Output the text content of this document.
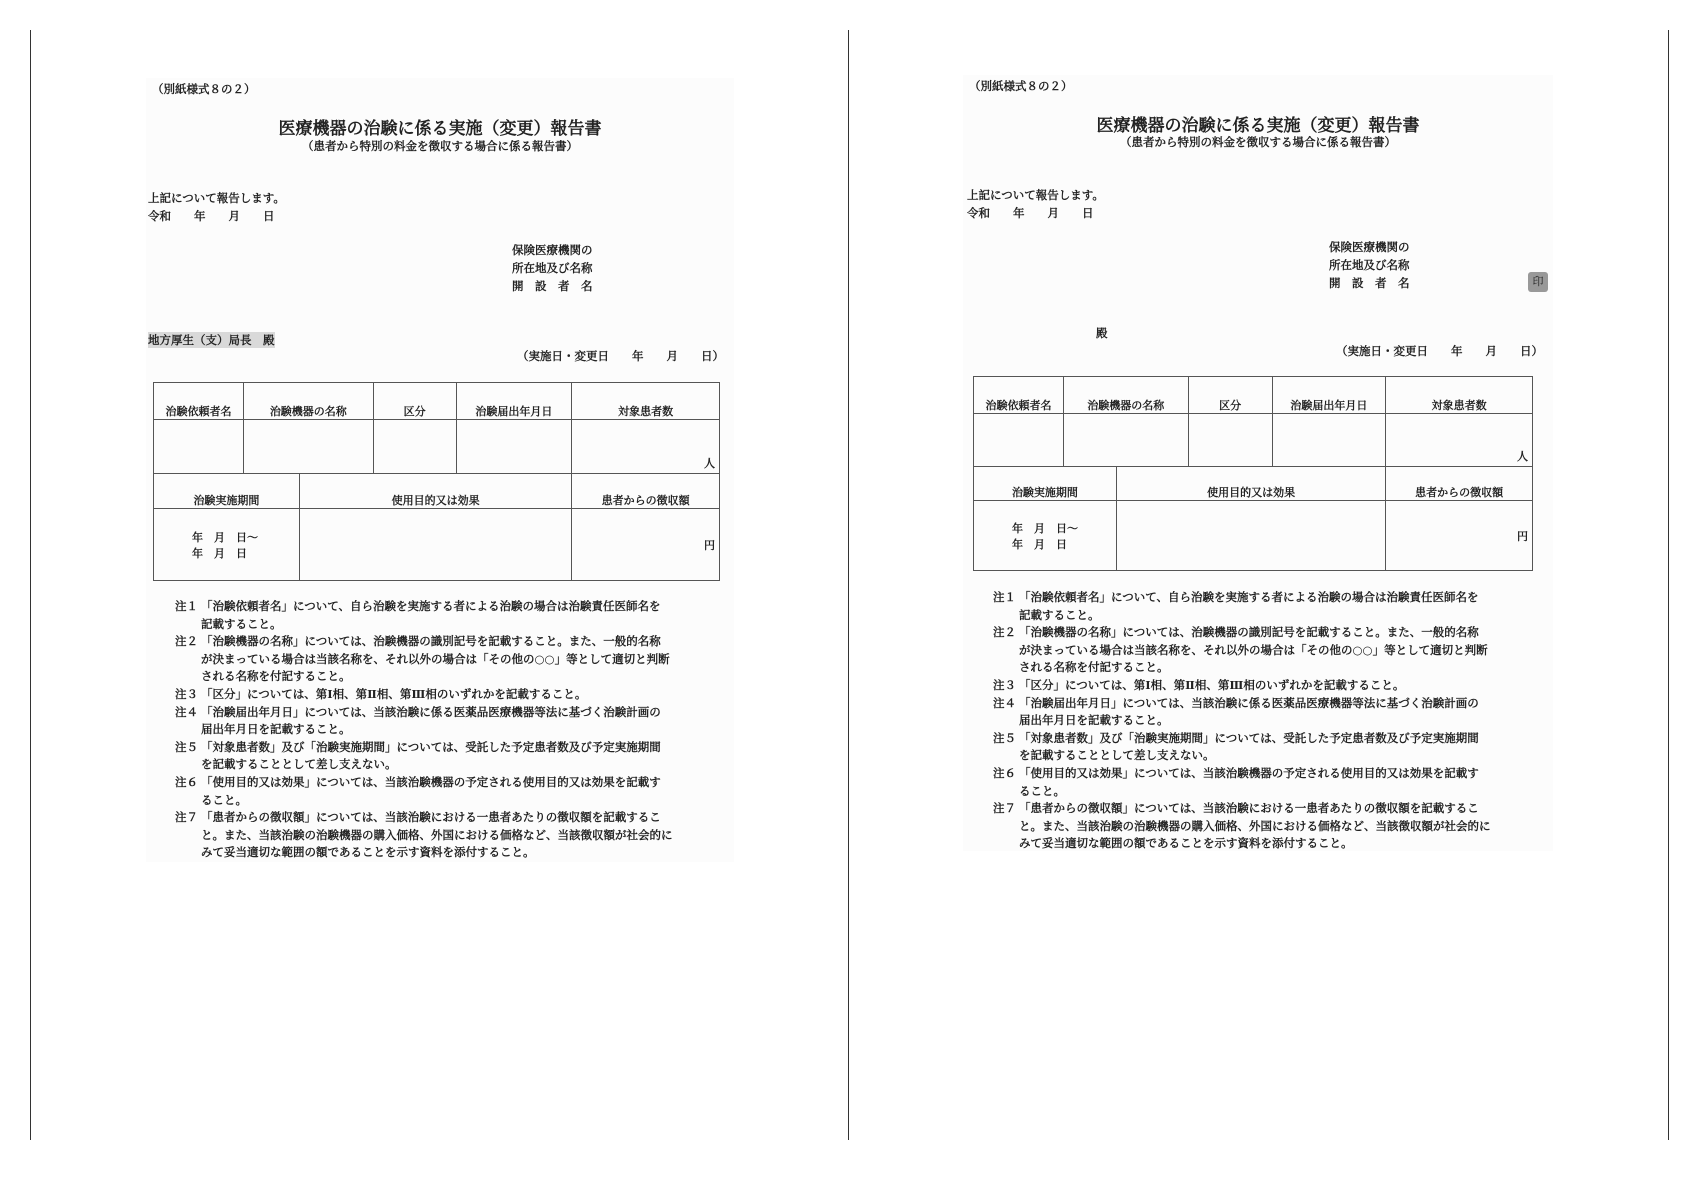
（別紙様式８の２）
医療機器の治験に係る実施（変更）報告書
（患者から特別の料金を徴収する場合に係る報告書）
上記について報告します。
令和　　年　　月　　日
保険医療機関の
所在地及び名称
開　設　者　名
地方厚生（支）局長　殿
（実施日・変更日　　年　　月　　日）
治験依頼者名	治験機器の名称		区分	治験届出年月日	対象患者数
					人
治験実施期間		使用目的又は効果			患者からの徴収額

年　月　日～
年　月　日					円
注１ 「治験依頼者名」について、自ら治験を実施する者による治験の場合は治験責任医師名を
記載すること。
注２ 「治験機器の名称」については、治験機器の識別記号を記載すること。また、一般的名称
が決まっている場合は当該名称を、それ以外の場合は「その他の○○」等として適切と判断
される名称を付記すること。
注３ 「区分」については、第Ⅰ相、第Ⅱ相、第Ⅲ相のいずれかを記載すること。
注４ 「治験届出年月日」については、当該治験に係る医薬品医療機器等法に基づく治験計画の
届出年月日を記載すること。
注５ 「対象患者数」及び「治験実施期間」については、受託した予定患者数及び予定実施期間
を記載することとして差し支えない。
注６ 「使用目的又は効果」については、当該治験機器の予定される使用目的又は効果を記載す
ること。
注７ 「患者からの徴収額」については、当該治験における一患者あたりの徴収額を記載するこ
と。また、当該治験の治験機器の購入価格、外国における価格など、当該徴収額が社会的に
みて妥当適切な範囲の額であることを示す資料を添付すること。
（別紙様式８の２）
医療機器の治験に係る実施（変更）報告書
（患者から特別の料金を徴収する場合に係る報告書）
上記について報告します。
令和　　年　　月　　日
保険医療機関の
所在地及び名称
開　設　者　名	印
殿
（実施日・変更日　　年　　月　　日）
治験依頼者名	治験機器の名称		区分	治験届出年月日	対象患者数
					人
治験実施期間		使用目的又は効果			患者からの徴収額

年　月　日～
年　月　日					円
注１ 「治験依頼者名」について、自ら治験を実施する者による治験の場合は治験責任医師名を
記載すること。
注２ 「治験機器の名称」については、治験機器の識別記号を記載すること。また、一般的名称
が決まっている場合は当該名称を、それ以外の場合は「その他の○○」等として適切と判断
される名称を付記すること。
注３ 「区分」については、第Ⅰ相、第Ⅱ相、第Ⅲ相のいずれかを記載すること。
注４ 「治験届出年月日」については、当該治験に係る医薬品医療機器等法に基づく治験計画の
届出年月日を記載すること。
注５ 「対象患者数」及び「治験実施期間」については、受託した予定患者数及び予定実施期間
を記載することとして差し支えない。
注６ 「使用目的又は効果」については、当該治験機器の予定される使用目的又は効果を記載す
ること。
注７ 「患者からの徴収額」については、当該治験における一患者あたりの徴収額を記載するこ
と。また、当該治験の治験機器の購入価格、外国における価格など、当該徴収額が社会的に
みて妥当適切な範囲の額であることを示す資料を添付すること。
